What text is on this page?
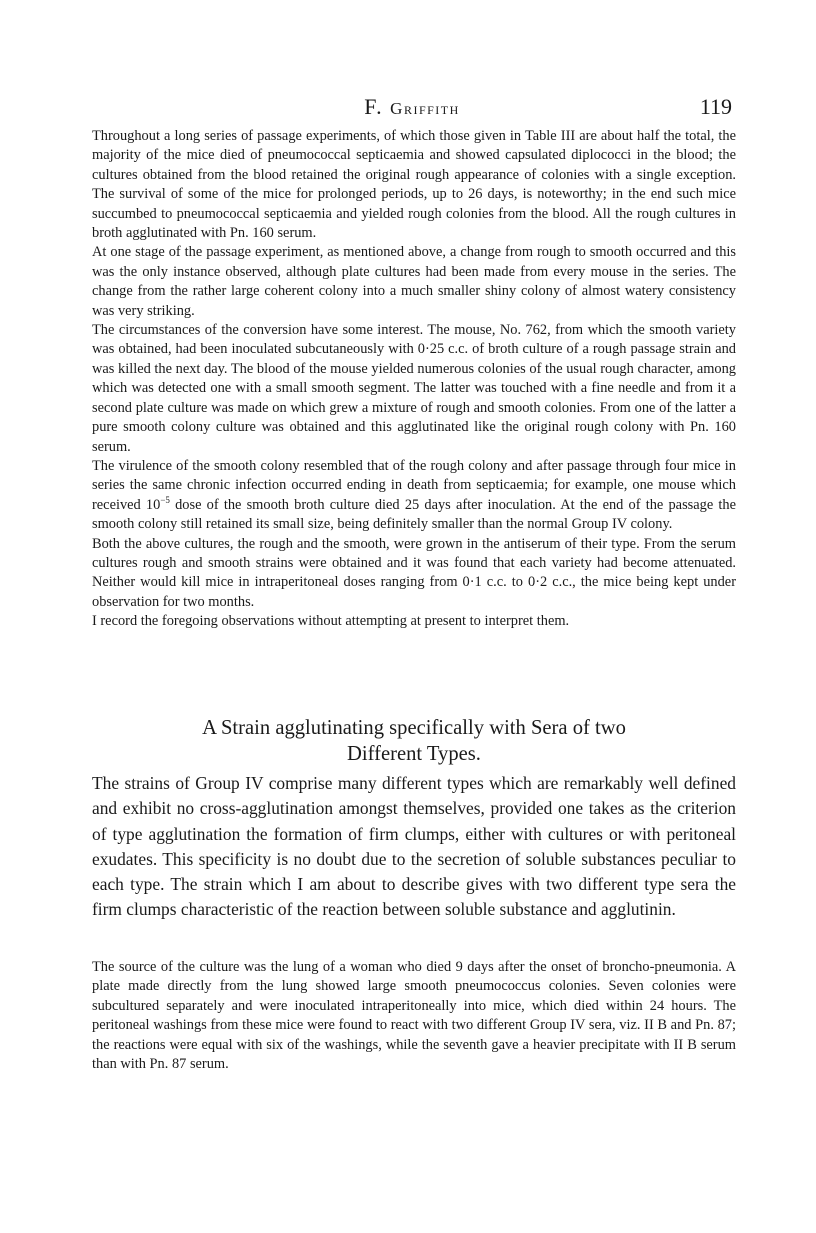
F. Griffith	119

Throughout a long series of passage experiments, of which those given in Table III are about half the total, the majority of the mice died of pneumococcal septicaemia and showed capsulated diplococci in the blood; the cultures obtained from the blood retained the original rough appearance of colonies with a single exception. The survival of some of the mice for prolonged periods, up to 26 days, is noteworthy; in the end such mice succumbed to pneumococcal septicaemia and yielded rough colonies from the blood. All the rough cultures in broth agglutinated with Pn. 160 serum.

At one stage of the passage experiment, as mentioned above, a change from rough to smooth occurred and this was the only instance observed, although plate cultures had been made from every mouse in the series. The change from the rather large coherent colony into a much smaller shiny colony of almost watery consistency was very striking.

The circumstances of the conversion have some interest. The mouse, No. 762, from which the smooth variety was obtained, had been inoculated subcutaneously with 0·25 c.c. of broth culture of a rough passage strain and was killed the next day. The blood of the mouse yielded numerous colonies of the usual rough character, among which was detected one with a small smooth segment. The latter was touched with a fine needle and from it a second plate culture was made on which grew a mixture of rough and smooth colonies. From one of the latter a pure smooth colony culture was obtained and this agglutinated like the original rough colony with Pn. 160 serum.

The virulence of the smooth colony resembled that of the rough colony and after passage through four mice in series the same chronic infection occurred ending in death from septicaemia; for example, one mouse which received $10^{-5}$ dose of the smooth broth culture died 25 days after inoculation. At the end of the passage the smooth colony still retained its small size, being definitely smaller than the normal Group IV colony.

Both the above cultures, the rough and the smooth, were grown in the antiserum of their type. From the serum cultures rough and smooth strains were obtained and it was found that each variety had become attenuated. Neither would kill mice in intraperitoneal doses ranging from 0·1 c.c. to 0·2 c.c., the mice being kept under observation for two months.

I record the foregoing observations without attempting at present to interpret them.

A Strain agglutinating specifically with Sera of two
Different Types.

The strains of Group IV comprise many different types which are remarkably well defined and exhibit no cross-agglutination amongst themselves, provided one takes as the criterion of type agglutination the formation of firm clumps, either with cultures or with peritoneal exudates. This specificity is no doubt due to the secretion of soluble substances peculiar to each type. The strain which I am about to describe gives with two different type sera the firm clumps characteristic of the reaction between soluble substance and agglutinin.

The source of the culture was the lung of a woman who died 9 days after the onset of broncho-pneumonia. A plate made directly from the lung showed large smooth pneumococcus colonies. Seven colonies were subcultured separately and were inoculated intraperitoneally into mice, which died within 24 hours. The peritoneal washings from these mice were found to react with two different Group IV sera, viz. II B and Pn. 87; the reactions were equal with six of the washings, while the seventh gave a heavier precipitate with II B serum than with Pn. 87 serum.
